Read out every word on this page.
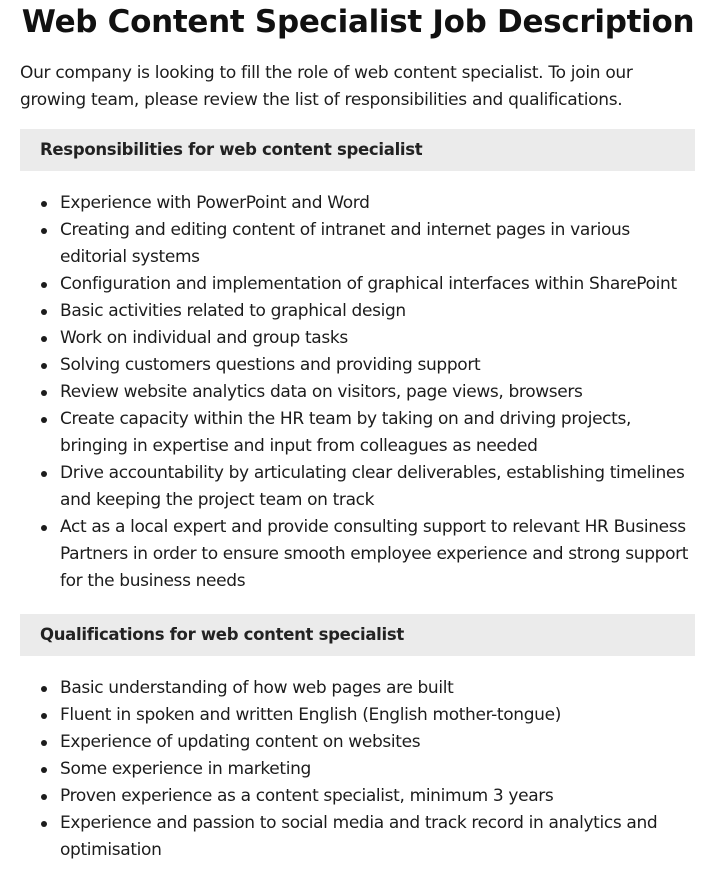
Web Content Specialist Job Description

Our company is looking to fill the role of web content specialist. To join our growing team, please review the list of responsibilities and qualifications.

Responsibilities for web content specialist
Experience with PowerPoint and Word
Creating and editing content of intranet and internet pages in various editorial systems
Configuration and implementation of graphical interfaces within SharePoint
Basic activities related to graphical design
Work on individual and group tasks
Solving customers questions and providing support
Review website analytics data on visitors, page views, browsers
Create capacity within the HR team by taking on and driving projects, bringing in expertise and input from colleagues as needed
Drive accountability by articulating clear deliverables, establishing timelines and keeping the project team on track
Act as a local expert and provide consulting support to relevant HR Business Partners in order to ensure smooth employee experience and strong support for the business needs
Qualifications for web content specialist
Basic understanding of how web pages are built
Fluent in spoken and written English (English mother-tongue)
Experience of updating content on websites
Some experience in marketing
Proven experience as a content specialist, minimum 3 years
Experience and passion to social media and track record in analytics and optimisation
